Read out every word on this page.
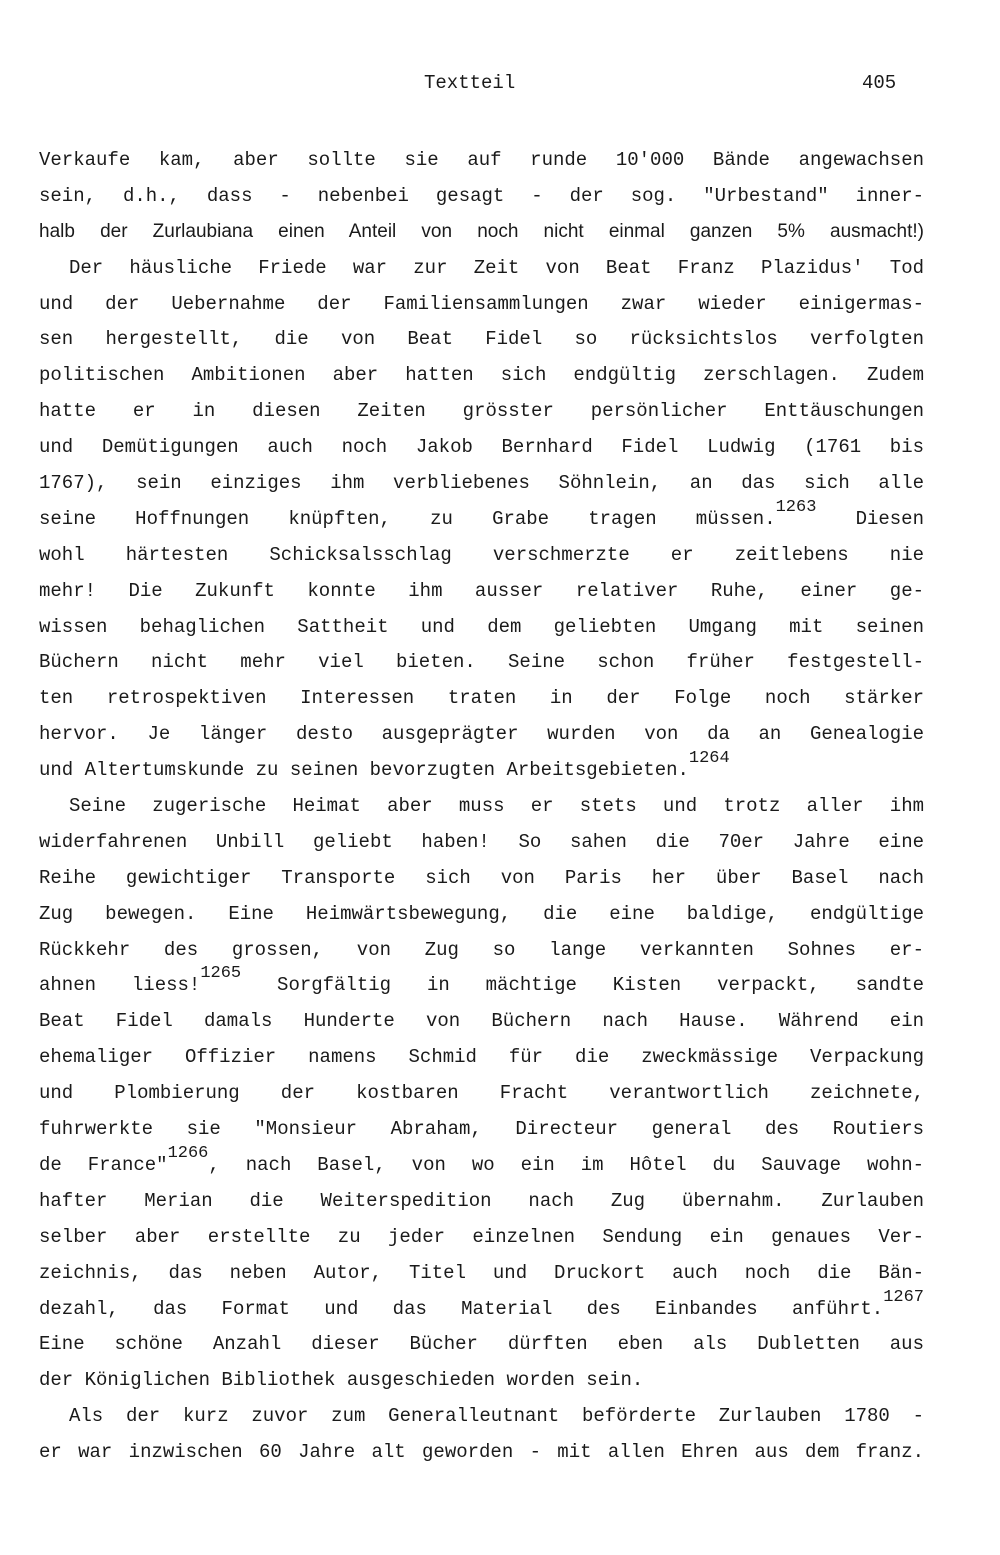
Textteil	405
Verkaufe kam, aber sollte sie auf runde 10'000 Bände angewachsen
sein, d.h., dass - nebenbei gesagt - der sog. "Urbestand" inner-
halb der Zurlaubiana einen Anteil von noch nicht einmal ganzen 5% ausmacht!)
Der häusliche Friede war zur Zeit von Beat Franz Plazidus' Tod
und der Uebernahme der Familiensammlungen zwar wieder einigermas-
sen hergestellt, die von Beat Fidel so rücksichtslos verfolgten
politischen Ambitionen aber hatten sich endgültig zerschlagen. Zudem
hatte er in diesen Zeiten grösster persönlicher Enttäuschungen
und Demütigungen auch noch Jakob Bernhard Fidel Ludwig (1761 bis
1767), sein einziges ihm verbliebenes Söhnlein, an das sich alle
seine Hoffnungen knüpften, zu Grabe tragen müssen.$^{1263}$ Diesen
wohl härtesten Schicksalsschlag verschmerzte er zeitlebens nie
mehr! Die Zukunft konnte ihm ausser relativer Ruhe, einer ge-
wissen behaglichen Sattheit und dem geliebten Umgang mit seinen
Büchern nicht mehr viel bieten. Seine schon früher festgestell-
ten retrospektiven Interessen traten in der Folge noch stärker
hervor. Je länger desto ausgeprägter wurden von da an Genealogie
und Altertumskunde zu seinen bevorzugten Arbeitsgebieten.$^{1264}$
Seine zugerische Heimat aber muss er stets und trotz aller ihm
widerfahrenen Unbill geliebt haben! So sahen die 70er Jahre eine
Reihe gewichtiger Transporte sich von Paris her über Basel nach
Zug bewegen. Eine Heimwärtsbewegung, die eine baldige, endgültige
Rückkehr des grossen, von Zug so lange verkannten Sohnes er-
ahnen liess!$^{1265}$ Sorgfältig in mächtige Kisten verpackt, sandte
Beat Fidel damals Hunderte von Büchern nach Hause. Während ein
ehemaliger Offizier namens Schmid für die zweckmässige Verpackung
und Plombierung der kostbaren Fracht verantwortlich zeichnete,
fuhrwerkte sie "Monsieur Abraham, Directeur general des Routiers
de France"$^{1266}$, nach Basel, von wo ein im Hôtel du Sauvage wohn-
hafter Merian die Weiterspedition nach Zug übernahm. Zurlauben
selber aber erstellte zu jeder einzelnen Sendung ein genaues Ver-
zeichnis, das neben Autor, Titel und Druckort auch noch die Bän-
dezahl, das Format und das Material des Einbandes anführt.$^{1267}$
Eine schöne Anzahl dieser Bücher dürften eben als Dubletten aus
der Königlichen Bibliothek ausgeschieden worden sein.
Als der kurz zuvor zum Generalleutnant beförderte Zurlauben 1780 -
er war inzwischen 60 Jahre alt geworden - mit allen Ehren aus dem franz.
